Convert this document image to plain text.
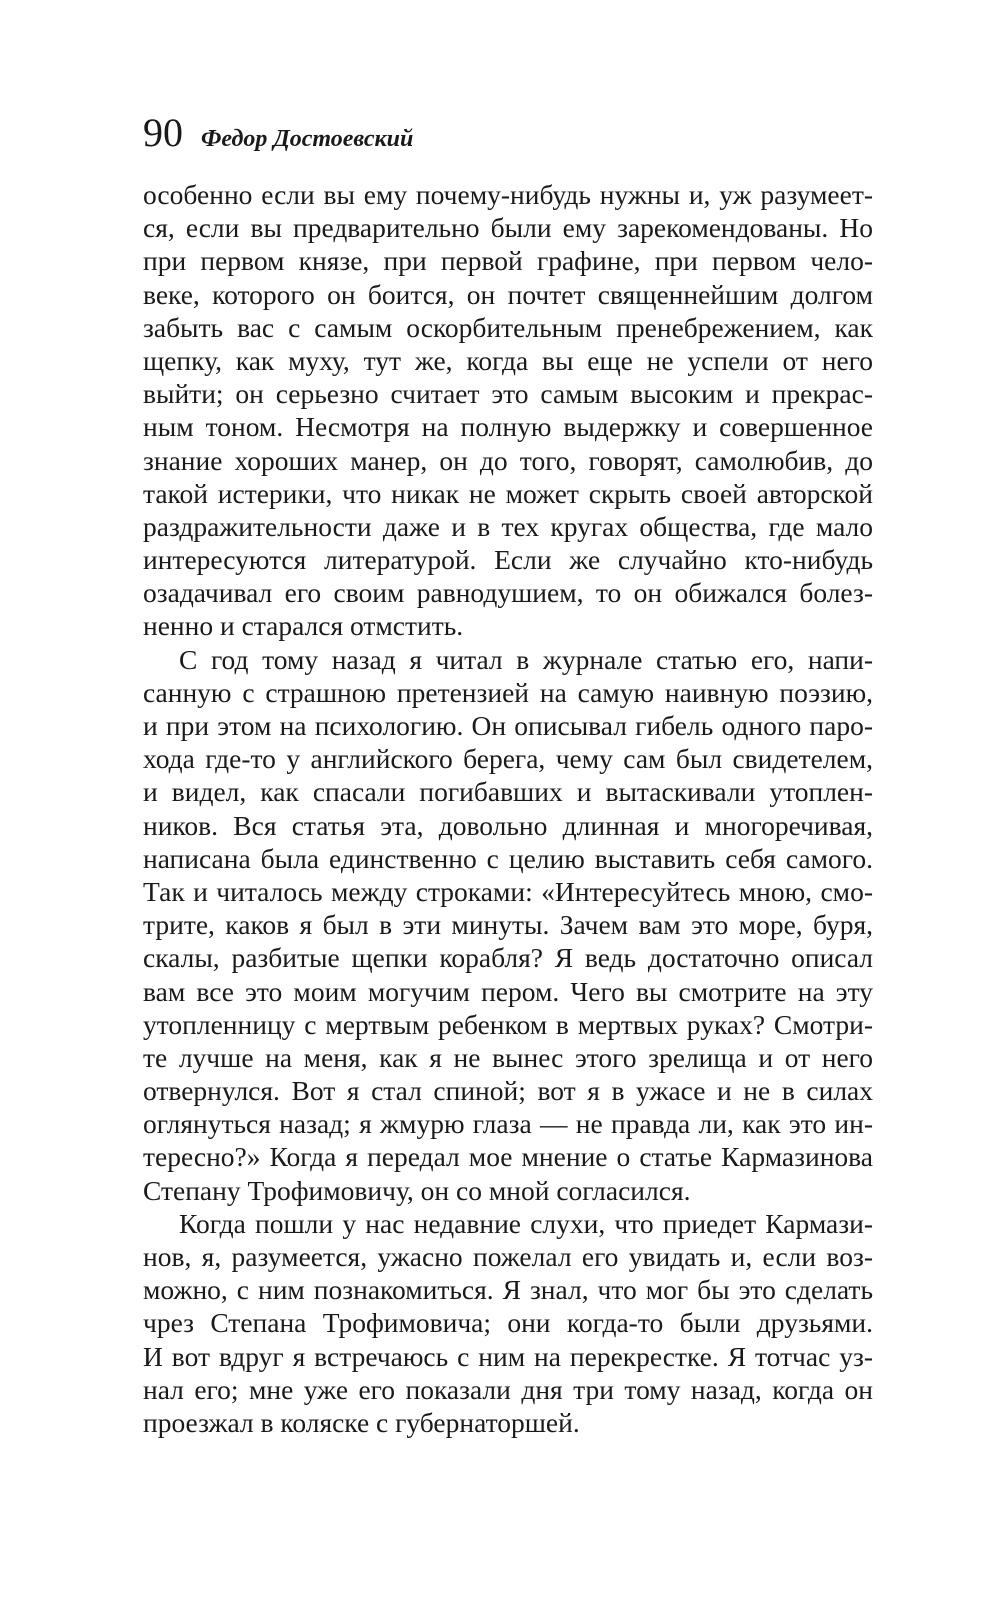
90 Федор Достоевский
особенно если вы ему почему-нибудь нужны и, уж разумеет-
ся, если вы предварительно были ему зарекомендованы. Но
при первом князе, при первой графине, при первом чело-
веке, которого он боится, он почтет священнейшим долгом
забыть вас с самым оскорбительным пренебрежением, как
щепку, как муху, тут же, когда вы еще не успели от него
выйти; он серьезно считает это самым высоким и прекрас-
ным тоном. Несмотря на полную выдержку и совершенное
знание хороших манер, он до того, говорят, самолюбив, до
такой истерики, что никак не может скрыть своей авторской
раздражительности даже и в тех кругах общества, где мало
интересуются литературой. Если же случайно кто-нибудь
озадачивал его своим равнодушием, то он обижался болез-
ненно и старался отмстить.
С год тому назад я читал в журнале статью его, напи-
санную с страшною претензией на самую наивную поэзию,
и при этом на психологию. Он описывал гибель одного паро-
хода где-то у английского берега, чему сам был свидетелем,
и видел, как спасали погибавших и вытаскивали утоплен-
ников. Вся статья эта, довольно длинная и многоречивая,
написана была единственно с целию выставить себя самого.
Так и читалось между строками: «Интересуйтесь мною, смо-
трите, каков я был в эти минуты. Зачем вам это море, буря,
скалы, разбитые щепки корабля? Я ведь достаточно описал
вам все это моим могучим пером. Чего вы смотрите на эту
утопленницу с мертвым ребенком в мертвых руках? Смотри-
те лучше на меня, как я не вынес этого зрелища и от него
отвернулся. Вот я стал спиной; вот я в ужасе и не в силах
оглянуться назад; я жмурю глаза — не правда ли, как это ин-
тересно?» Когда я передал мое мнение о статье Кармазинова
Степану Трофимовичу, он со мной согласился.
Когда пошли у нас недавние слухи, что приедет Кармази-
нов, я, разумеется, ужасно пожелал его увидать и, если воз-
можно, с ним познакомиться. Я знал, что мог бы это сделать
чрез Степана Трофимовича; они когда-то были друзьями.
И вот вдруг я встречаюсь с ним на перекрестке. Я тотчас уз-
нал его; мне уже его показали дня три тому назад, когда он
проезжал в коляске с губернаторшей.
